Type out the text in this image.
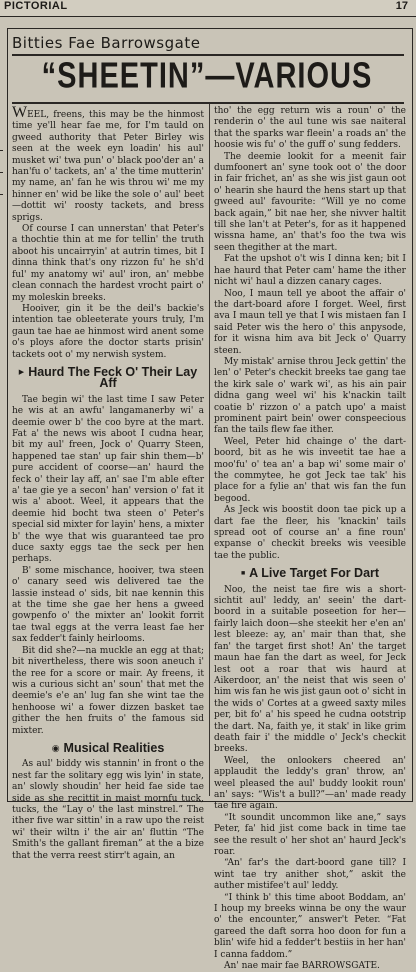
PICTORIAL	17
Bitties Fae Barrowsgate
“SHEETIN”—VARIOUS

WEEL, freens, this may be the hinmost time ye'll hear fae me, for I'm tauld on gweed authority that Peter Birley wis seen at the week eyn loadin' his aul' musket wi' twa pun' o' black poo'der an' a han'fu o' tackets, an' a' the time mutterin' my name, an' fan he wis throu wi' me my hinner en' wid be like the sole o' aul' beet—dottit wi' roosty tackets, and bress sprigs.

Of course I can unnerstan' that Peter's a thochtie thin at me for tellin' the truth aboot his uncairryin' at autrin times, bit I dinna think that's ony rizzon fu' he sh'd ful' my anatomy wi' aul' iron, an' mebbe clean connach the hardest vrocht pairt o' my moleskin breeks.

Hooiver, gin it be the deil's backie's intention tae obleeterate yours truly, I'm gaun tae hae ae hinmost wird anent some o's ploys afore the doctor starts prisin' tackets oot o' my nerwish system.

▶ Haurd The Feck O' Their Lay Aff

Tae begin wi' the last time I saw Peter he wis at an awfu' langamanerby wi' a deemie ower b' the coo byre at the mart. Fat a' the news wis aboot I cudna hear, bit my aul' freen, Jock o' Quarry Steen, happened tae stan' up fair shin them—b' pure accident of coorse—an' haurd the feck o' their lay aff, an' sae I'm able efter a' tae gie ye a secon' han' version o' fat it wis a' aboot. Weel, it appears that the deemie hid bocht twa steen o' Peter's special sid mixter for layin' hens, a mixter b' the wye that wis guaranteed tae pro duce saxty eggs tae the seck per hen perhaps.

B' some mischance, hooiver, twa steen o' canary seed wis delivered tae the lassie instead o' sids, bit nae kennin this at the time she gae her hens a gweed gowpenfo o' the mixter an' lookit forrit tae twal eggs at the verra least fae her sax fedder't fainly heirlooms.

Bit did she?—na muckle an egg at that; bit nivertheless, there wis soon aneuch i' the ree for a score or mair. Ay freens, it wis a curious sicht an' soun' that met the deemie's e'e an' lug fan she wint tae the henhoose wi' a fower dizzen basket tae gither the hen fruits o' the famous sid mixter.

◉ Musical Realities

As aul' biddy wis stannin' in front o the nest far the solitary egg wis lyin' in state, an' slowly shoudin' her heid fae side tae side as she recittit in maist mornfu tuck, tucks, the “Lay o' the last minstrel.” The ither five war sittin' in a raw upo the reist wi' their wiltn i' the air an' fluttin “The Smith's the gallant fireman” at the a bize that the verra reest stirr't again, an

tho' the egg return wis a roun' o' the renderin o' the aul tune wis sae naiteral that the sparks war fleein' a roads an' the hoosie wis fu' o' the guff o' sung fedders.

The deemie lookit for a meenit fair dumfoonert an' syne took oot o' the door in fair frichet, an' as she wis jist gaun oot o' hearin she haurd the hens start up that gweed aul' favourite: “Will ye no come back again,” bit nae her, she nivver haltit till she lan't at Peter's, for as it happened wissna hame, an' that's foo the twa wis seen thegither at the mart.

Fat the upshot o't wis I dinna ken; bit I hae haurd that Peter cam' hame the ither nicht wi' haul a dizzen canary cages.

Noo, I maun tell ye aboot the affair o' the dart-board afore I forget. Weel, first ava I maun tell ye that I wis mistaen fan I said Peter wis the hero o' this anpysode, for it wisna him ava bit Jeck o' Quarry steen.

My mistak' arnise throu Jeck gettin' the len' o' Peter's checkit breeks tae gang tae the kirk sale o' wark wi', as his ain pair didna gang weel wi' his k'nackin tailt coatie b' rizzon o' a patch upo' a maist prominent pairt bein' ower conspeecious fan the tails flew fae ither.

Weel, Peter hid chainge o' the dart-boord, bit as he wis inveetit tae hae a moo'fu' o' tea an' a bap wi' some mair o' the commytee, he got Jeck tae tak' his place for a fylie an' that wis fan the fun begood.

As Jeck wis boostit doon tae pick up a dart fae the fleer, his 'knackin' tails spread oot of course an' a fine roun' expanse o' checkit breeks wis veesible tae the public.

■ A Live Target For Dart

Noo, the neist tae fire wis a short-sichtit aul' leddy, an' seein' the dart-boord in a suitable poseetion for her—fairly laich doon—she steekit her e'en an' lest bleeze: ay, an' mair than that, she fan' the target first shot! An' the target maun hae fan the dart as weel, for Jeck lest oot a roar that wis haurd at Aikerdoor, an' the neist that wis seen o' him wis fan he wis jist gaun oot o' sicht in the wids o' Cortes at a gweed saxty miles per, bit fo' a' his speed he cudna ootstrip the dart. Na, faith ye, it stak' in like grim death fair i' the middle o' Jeck's checkit breeks.

Weel, the onlookers cheered an' applaudit the leddy's gran' throw, an' weel pleased the aul' buddy lookit roun' an' says: “Wis't a bull?”—an' made ready tae fire again.

“It soundit uncommon like ane,” says Peter, fa' hid jist come back in time tae see the result o' her shot an' haurd Jeck's roar.

“An' far's the dart-boord gane till? I wint tae try anither shot,” askit the auther mistifee't aul' leddy.

“I think b' this time aboot Boddam, an' I houp my breeks winna be ony the waur o' the encounter,” answer't Peter. “Fat gareed the daft sorra hoo doon for fun a blin' wife hid a fedder't bestiis in her han' I canna faddom.”

An' nae mair fae BARROWSGATE.
